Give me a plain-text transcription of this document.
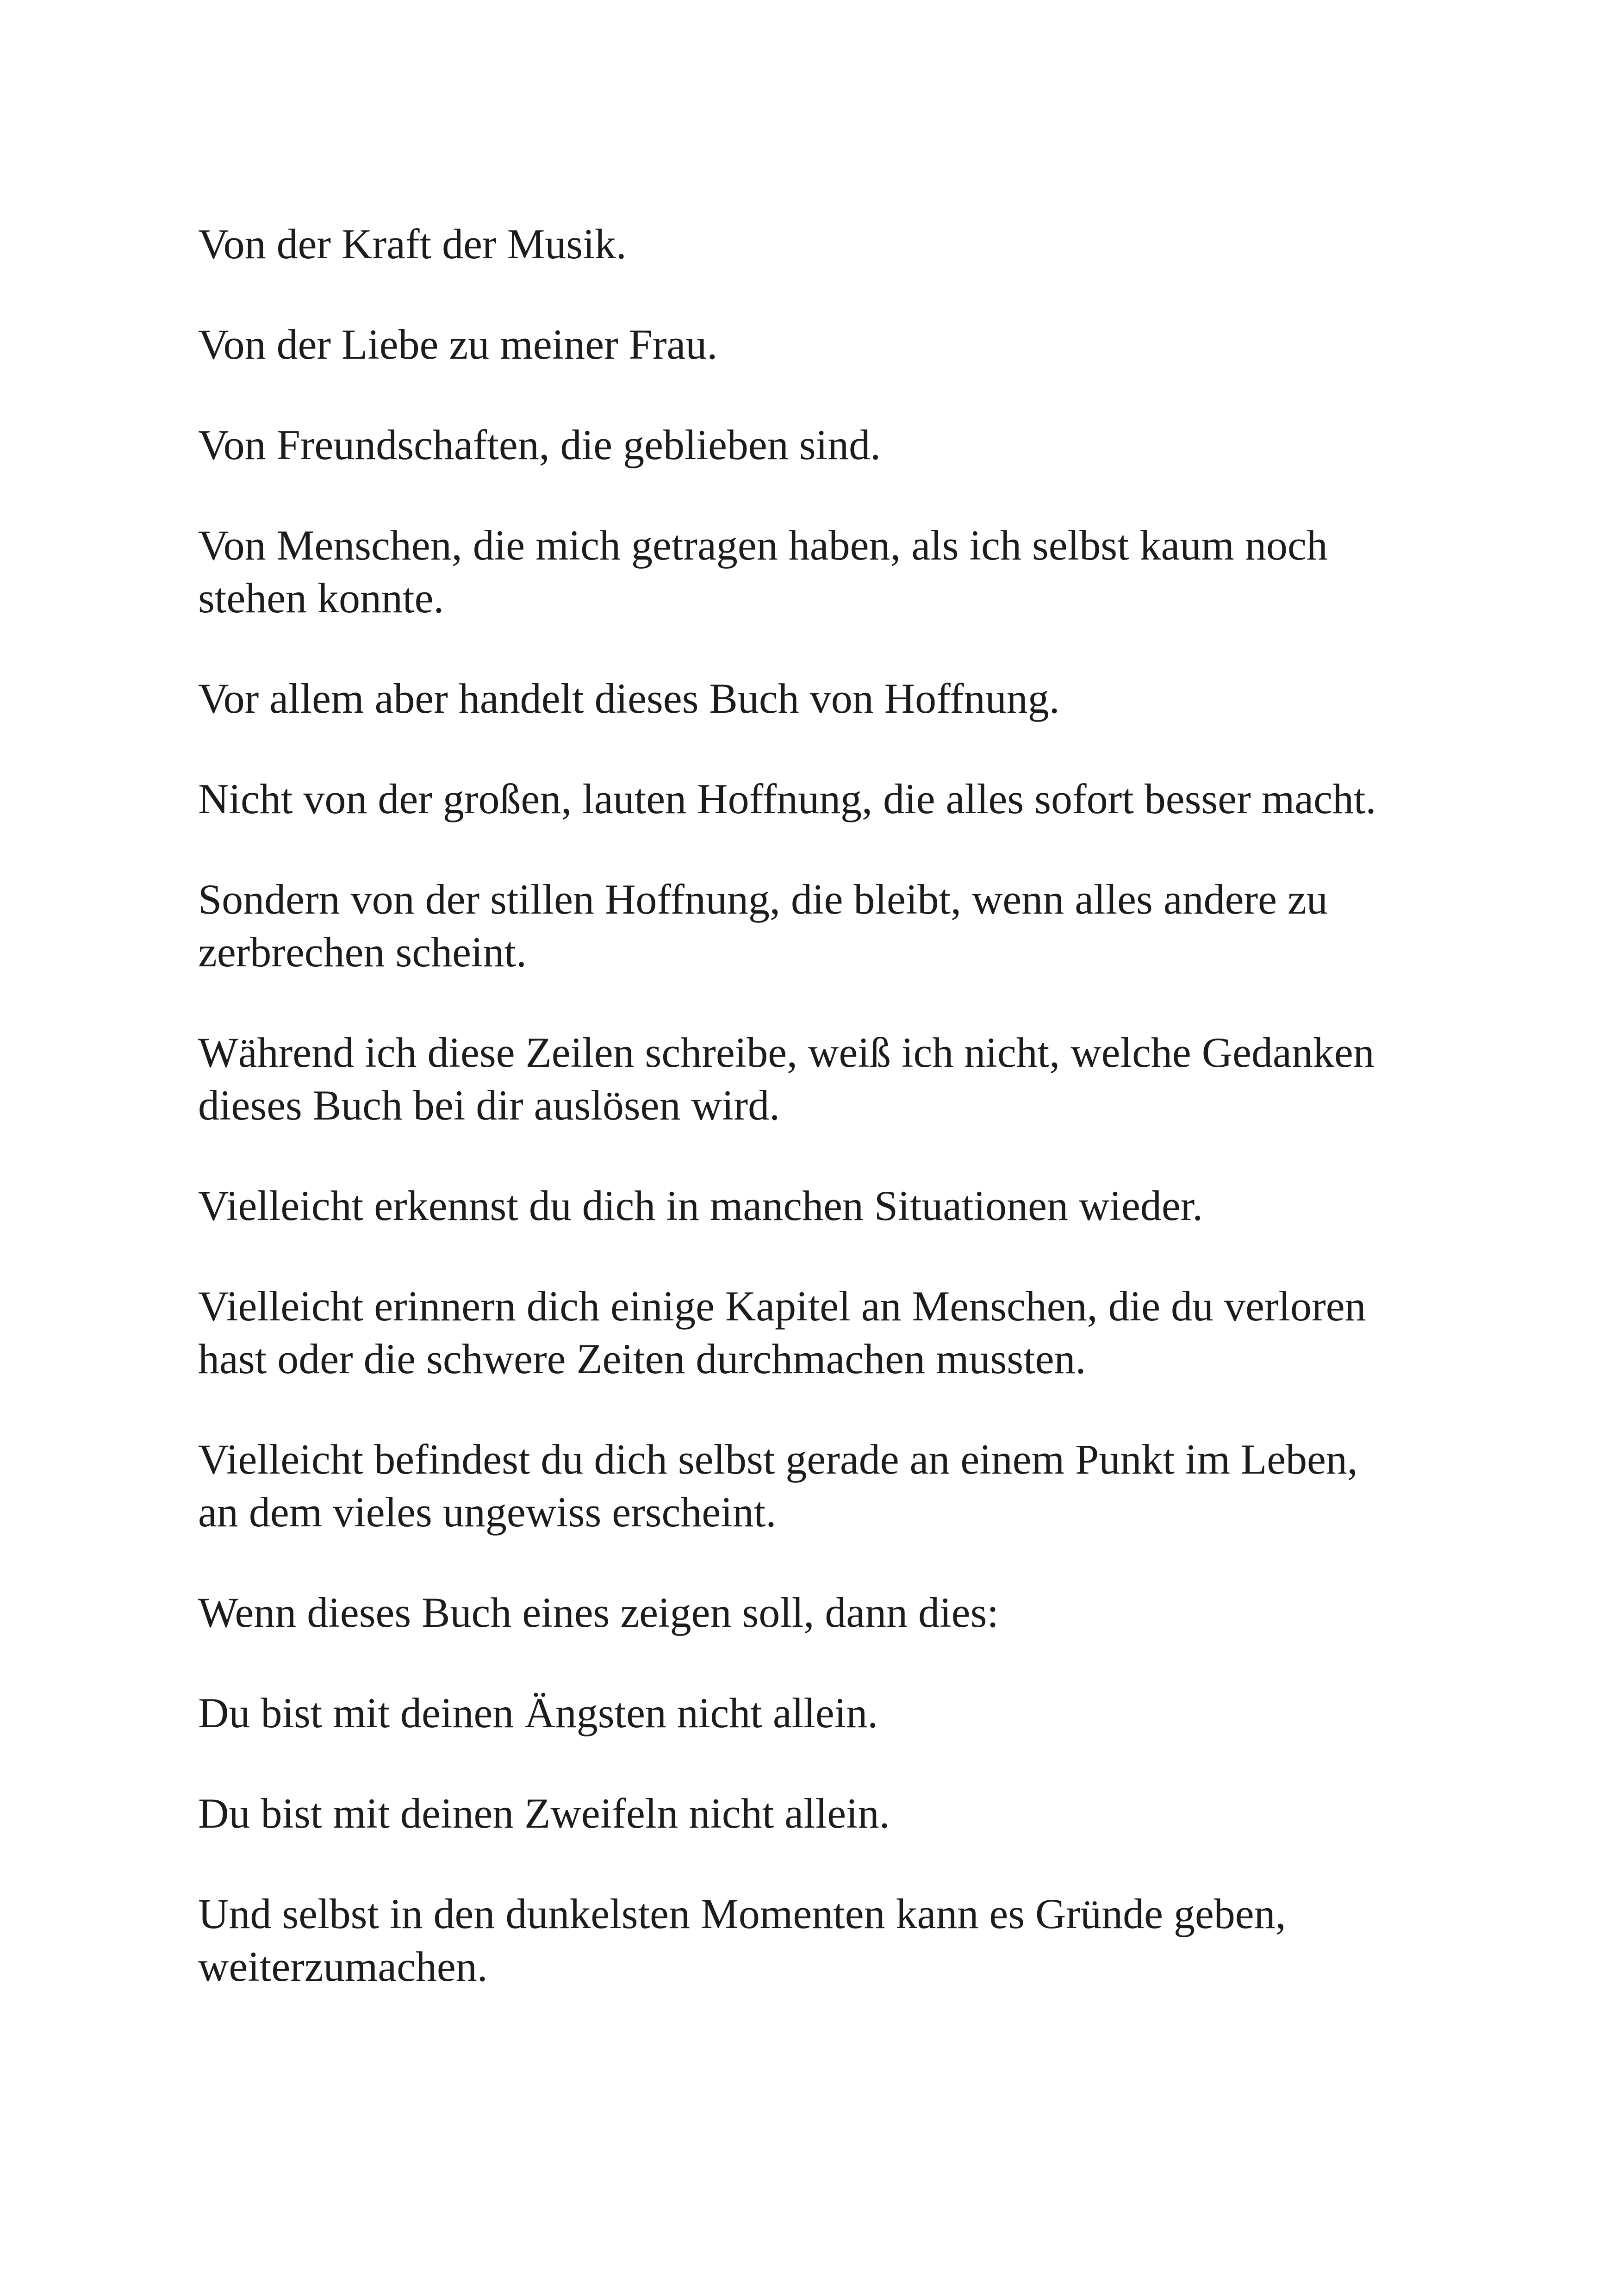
Von der Kraft der Musik.

Von der Liebe zu meiner Frau.

Von Freundschaften, die geblieben sind.

Von Menschen, die mich getragen haben, als ich selbst kaum noch
stehen konnte.

Vor allem aber handelt dieses Buch von Hoffnung.

Nicht von der großen, lauten Hoffnung, die alles sofort besser macht.

Sondern von der stillen Hoffnung, die bleibt, wenn alles andere zu
zerbrechen scheint.

Während ich diese Zeilen schreibe, weiß ich nicht, welche Gedanken
dieses Buch bei dir auslösen wird.

Vielleicht erkennst du dich in manchen Situationen wieder.

Vielleicht erinnern dich einige Kapitel an Menschen, die du verloren
hast oder die schwere Zeiten durchmachen mussten.

Vielleicht befindest du dich selbst gerade an einem Punkt im Leben,
an dem vieles ungewiss erscheint.

Wenn dieses Buch eines zeigen soll, dann dies:

Du bist mit deinen Ängsten nicht allein.

Du bist mit deinen Zweifeln nicht allein.

Und selbst in den dunkelsten Momenten kann es Gründe geben,
weiterzumachen.
